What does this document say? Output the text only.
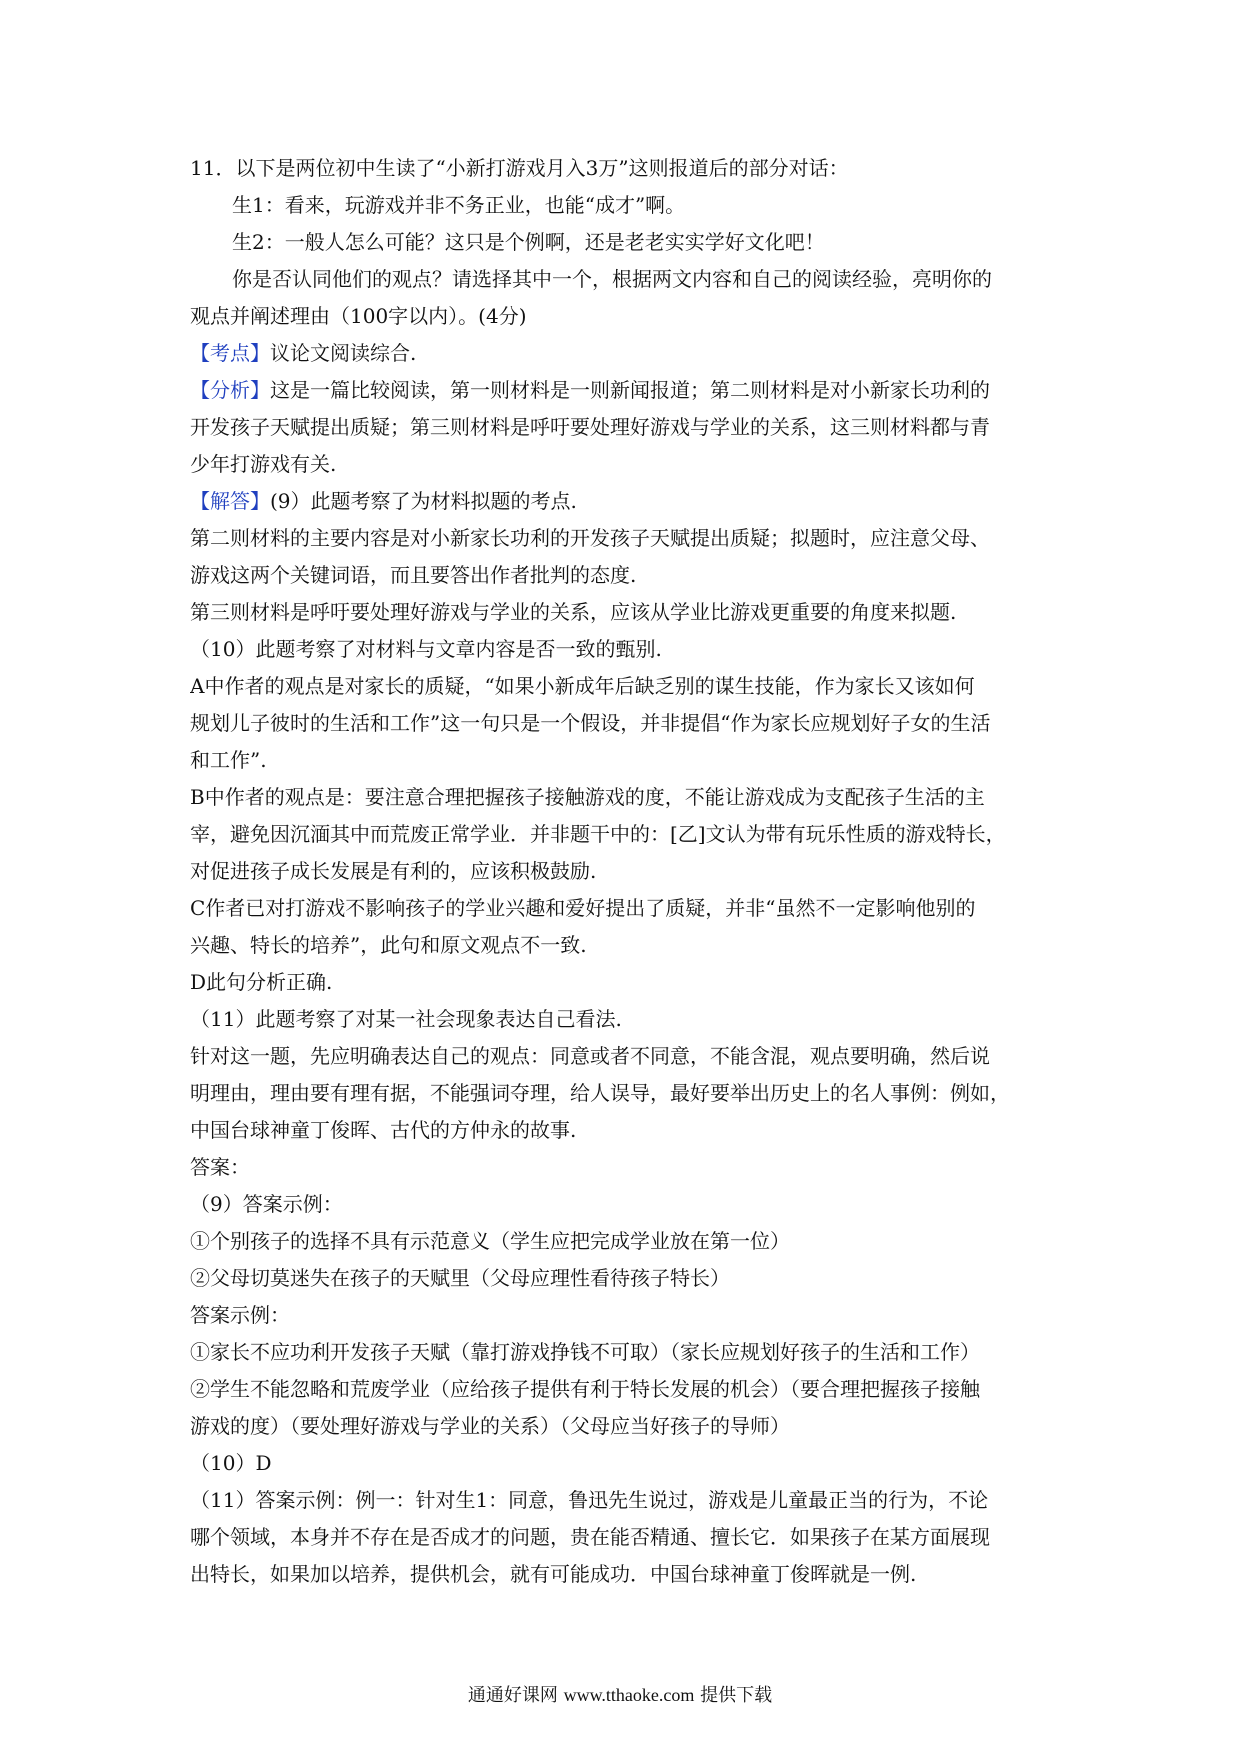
11．以下是两位初中生读了“小新打游戏月入3万”这则报道后的部分对话：
生1：看来，玩游戏并非不务正业，也能“成才”啊。
生2：一般人怎么可能？这只是个例啊，还是老老实实学好文化吧！
你是否认同他们的观点？请选择其中一个，根据两文内容和自己的阅读经验，亮明你的
观点并阐述理由（100字以内）。(4分)
【考点】议论文阅读综合.
【分析】这是一篇比较阅读，第一则材料是一则新闻报道；第二则材料是对小新家长功利的
开发孩子天赋提出质疑；第三则材料是呼吁要处理好游戏与学业的关系，这三则材料都与青
少年打游戏有关.
【解答】(9）此题考察了为材料拟题的考点.
第二则材料的主要内容是对小新家长功利的开发孩子天赋提出质疑；拟题时，应注意父母、
游戏这两个关键词语，而且要答出作者批判的态度.
第三则材料是呼吁要处理好游戏与学业的关系，应该从学业比游戏更重要的角度来拟题.
（10）此题考察了对材料与文章内容是否一致的甄别.
A中作者的观点是对家长的质疑，“如果小新成年后缺乏别的谋生技能，作为家长又该如何
规划儿子彼时的生活和工作”这一句只是一个假设，并非提倡“作为家长应规划好子女的生活
和工作”.
B中作者的观点是：要注意合理把握孩子接触游戏的度，不能让游戏成为支配孩子生活的主
宰，避免因沉湎其中而荒废正常学业．并非题干中的：[乙]文认为带有玩乐性质的游戏特长，
对促进孩子成长发展是有利的，应该积极鼓励.
C作者已对打游戏不影响孩子的学业兴趣和爱好提出了质疑，并非“虽然不一定影响他别的
兴趣、特长的培养”，此句和原文观点不一致.
D此句分析正确.
（11）此题考察了对某一社会现象表达自己看法.
针对这一题，先应明确表达自己的观点：同意或者不同意，不能含混，观点要明确，然后说
明理由，理由要有理有据，不能强词夺理，给人误导，最好要举出历史上的名人事例：例如，
中国台球神童丁俊晖、古代的方仲永的故事.
答案：
（9）答案示例：
①个别孩子的选择不具有示范意义（学生应把完成学业放在第一位）
②父母切莫迷失在孩子的天赋里（父母应理性看待孩子特长）
答案示例：
①家长不应功利开发孩子天赋（靠打游戏挣钱不可取）（家长应规划好孩子的生活和工作）
②学生不能忽略和荒废学业（应给孩子提供有利于特长发展的机会）（要合理把握孩子接触
游戏的度）（要处理好游戏与学业的关系）（父母应当好孩子的导师）
（10）D
（11）答案示例：例一：针对生1：同意，鲁迅先生说过，游戏是儿童最正当的行为，不论
哪个领域，本身并不存在是否成才的问题，贵在能否精通、擅长它．如果孩子在某方面展现
出特长，如果加以培养，提供机会，就有可能成功．中国台球神童丁俊晖就是一例.
通通好课网 www.tthaoke.com 提供下载
